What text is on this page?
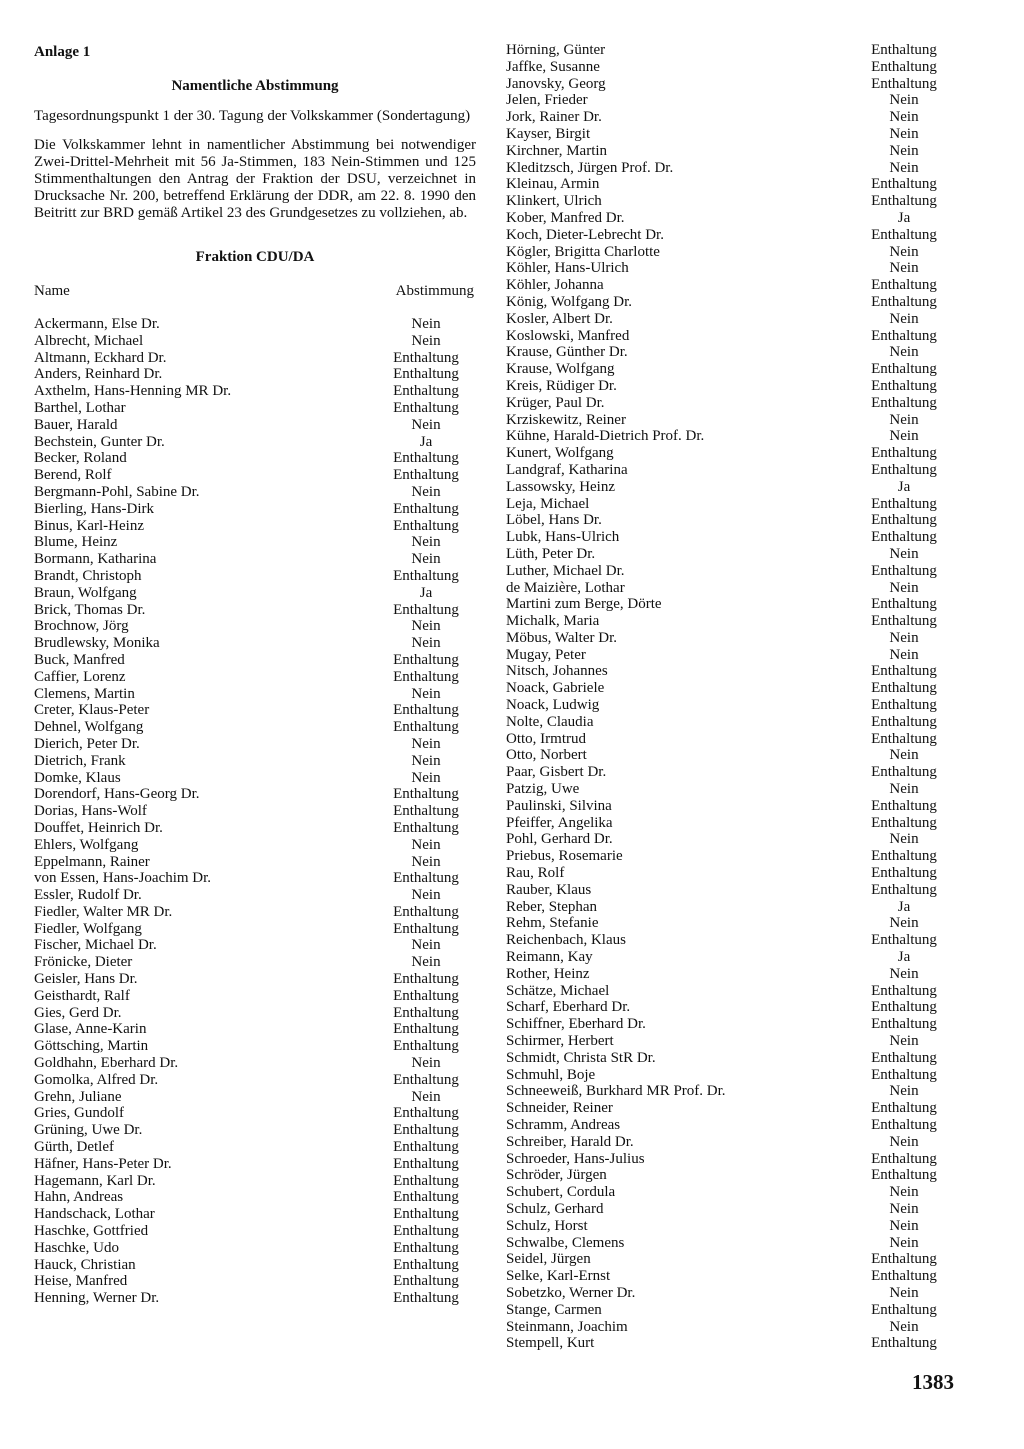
Anlage 1
Namentliche Abstimmung

Tagesordnungspunkt 1 der 30. Tagung der Volkskammer (Sondertagung)

Die Volkskammer lehnt in namentlicher Abstimmung bei notwendiger Zwei-Drittel-Mehrheit mit 56 Ja-Stimmen, 183 Nein-Stimmen und 125 Stimmenthaltungen den Antrag der Fraktion der DSU, verzeichnet in Drucksache Nr. 200, betreffend Erklärung der DDR, am 22. 8. 1990 den Beitritt zur BRD gemäß Artikel 23 des Grundgesetzes zu vollziehen, ab.

Fraktion CDU/DA
Name	Abstimmung
Ackermann, Else Dr.	Nein
Albrecht, Michael	Nein
Altmann, Eckhard Dr.	Enthaltung
Anders, Reinhard Dr.	Enthaltung
Axthelm, Hans-Henning MR Dr.	Enthaltung
Barthel, Lothar	Enthaltung
Bauer, Harald	Nein
Bechstein, Gunter Dr.	Ja
Becker, Roland	Enthaltung
Berend, Rolf	Enthaltung
Bergmann-Pohl, Sabine Dr.	Nein
Bierling, Hans-Dirk	Enthaltung
Binus, Karl-Heinz	Enthaltung
Blume, Heinz	Nein
Bormann, Katharina	Nein
Brandt, Christoph	Enthaltung
Braun, Wolfgang	Ja
Brick, Thomas Dr.	Enthaltung
Brochnow, Jörg	Nein
Brudlewsky, Monika	Nein
Buck, Manfred	Enthaltung
Caffier, Lorenz	Enthaltung
Clemens, Martin	Nein
Creter, Klaus-Peter	Enthaltung
Dehnel, Wolfgang	Enthaltung
Dierich, Peter Dr.	Nein
Dietrich, Frank	Nein
Domke, Klaus	Nein
Dorendorf, Hans-Georg Dr.	Enthaltung
Dorias, Hans-Wolf	Enthaltung
Douffet, Heinrich Dr.	Enthaltung
Ehlers, Wolfgang	Nein
Eppelmann, Rainer	Nein
von Essen, Hans-Joachim Dr.	Enthaltung
Essler, Rudolf Dr.	Nein
Fiedler, Walter MR Dr.	Enthaltung
Fiedler, Wolfgang	Enthaltung
Fischer, Michael Dr.	Nein
Frönicke, Dieter	Nein
Geisler, Hans Dr.	Enthaltung
Geisthardt, Ralf	Enthaltung
Gies, Gerd Dr.	Enthaltung
Glase, Anne-Karin	Enthaltung
Göttsching, Martin	Enthaltung
Goldhahn, Eberhard Dr.	Nein
Gomolka, Alfred Dr.	Enthaltung
Grehn, Juliane	Nein
Gries, Gundolf	Enthaltung
Grüning, Uwe Dr.	Enthaltung
Gürth, Detlef	Enthaltung
Häfner, Hans-Peter Dr.	Enthaltung
Hagemann, Karl Dr.	Enthaltung
Hahn, Andreas	Enthaltung
Handschack, Lothar	Enthaltung
Haschke, Gottfried	Enthaltung
Haschke, Udo	Enthaltung
Hauck, Christian	Enthaltung
Heise, Manfred	Enthaltung
Henning, Werner Dr.	Enthaltung
Hörning, Günter	Enthaltung
Jaffke, Susanne	Enthaltung
Janovsky, Georg	Enthaltung
Jelen, Frieder	Nein
Jork, Rainer Dr.	Nein
Kayser, Birgit	Nein
Kirchner, Martin	Nein
Kleditzsch, Jürgen Prof. Dr.	Nein
Kleinau, Armin	Enthaltung
Klinkert, Ulrich	Enthaltung
Kober, Manfred Dr.	Ja
Koch, Dieter-Lebrecht Dr.	Enthaltung
Kögler, Brigitta Charlotte	Nein
Köhler, Hans-Ulrich	Nein
Köhler, Johanna	Enthaltung
König, Wolfgang Dr.	Enthaltung
Kosler, Albert Dr.	Nein
Koslowski, Manfred	Enthaltung
Krause, Günther Dr.	Nein
Krause, Wolfgang	Enthaltung
Kreis, Rüdiger Dr.	Enthaltung
Krüger, Paul Dr.	Enthaltung
Krziskewitz, Reiner	Nein
Kühne, Harald-Dietrich Prof. Dr.	Nein
Kunert, Wolfgang	Enthaltung
Landgraf, Katharina	Enthaltung
Lassowsky, Heinz	Ja
Leja, Michael	Enthaltung
Löbel, Hans Dr.	Enthaltung
Lubk, Hans-Ulrich	Enthaltung
Lüth, Peter Dr.	Nein
Luther, Michael Dr.	Enthaltung
de Maizière, Lothar	Nein
Martini zum Berge, Dörte	Enthaltung
Michalk, Maria	Enthaltung
Möbus, Walter Dr.	Nein
Mugay, Peter	Nein
Nitsch, Johannes	Enthaltung
Noack, Gabriele	Enthaltung
Noack, Ludwig	Enthaltung
Nolte, Claudia	Enthaltung
Otto, Irmtrud	Enthaltung
Otto, Norbert	Nein
Paar, Gisbert Dr.	Enthaltung
Patzig, Uwe	Nein
Paulinski, Silvina	Enthaltung
Pfeiffer, Angelika	Enthaltung
Pohl, Gerhard Dr.	Nein
Priebus, Rosemarie	Enthaltung
Rau, Rolf	Enthaltung
Rauber, Klaus	Enthaltung
Reber, Stephan	Ja
Rehm, Stefanie	Nein
Reichenbach, Klaus	Enthaltung
Reimann, Kay	Ja
Rother, Heinz	Nein
Schätze, Michael	Enthaltung
Scharf, Eberhard Dr.	Enthaltung
Schiffner, Eberhard Dr.	Enthaltung
Schirmer, Herbert	Nein
Schmidt, Christa StR Dr.	Enthaltung
Schmuhl, Boje	Enthaltung
Schneeweiß, Burkhard MR Prof. Dr.	Nein
Schneider, Reiner	Enthaltung
Schramm, Andreas	Enthaltung
Schreiber, Harald Dr.	Nein
Schroeder, Hans-Julius	Enthaltung
Schröder, Jürgen	Enthaltung
Schubert, Cordula	Nein
Schulz, Gerhard	Nein
Schulz, Horst	Nein
Schwalbe, Clemens	Nein
Seidel, Jürgen	Enthaltung
Selke, Karl-Ernst	Enthaltung
Sobetzko, Werner Dr.	Nein
Stange, Carmen	Enthaltung
Steinmann, Joachim	Nein
Stempell, Kurt	Enthaltung
1383
